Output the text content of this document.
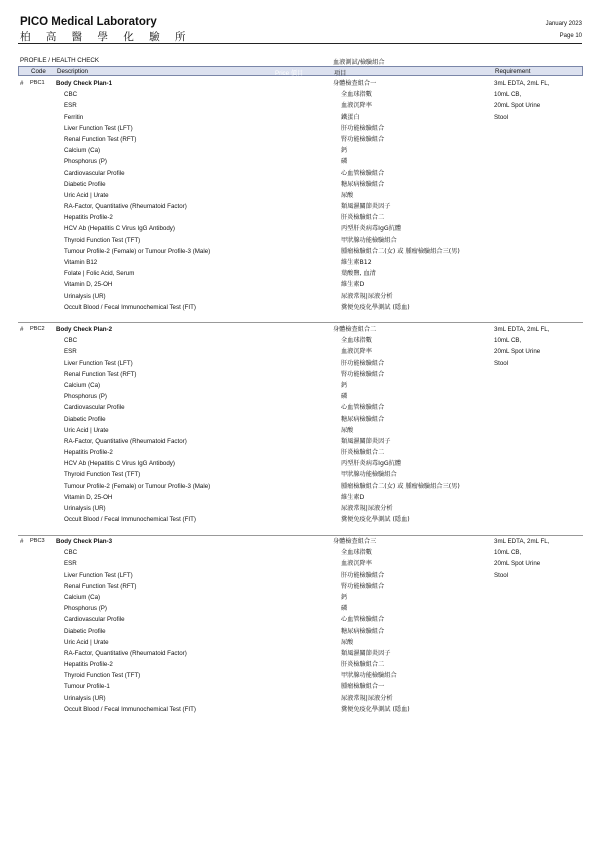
PICO Medical Laboratory
柏 高 醫 學 化 驗 所
January 2023
Page 10
PROFILE / HEALTH CHECK	血液測試/檢驗組合
Code Description	Price 價目	項目	Requirement
# PBC1 Body Check Plan-1	身體檢查組合一	3mL EDTA, 2mL FL,
CBC	全血球指數	10mL CB,
ESR	血液沉降率	20mL Spot Urine
Ferritin	鐵蛋白	Stool
Liver Function Test (LFT)	肝功能檢驗組合
Renal Function Test (RFT)	腎功能檢驗組合
Calcium (Ca)	鈣
Phosphorus (P)	磷
Cardiovascular Profile	心血管檢驗組合
Diabetic Profile	糖尿病檢驗組合
Uric Acid | Urate	尿酸
RA-Factor, Quantitative (Rheumatoid Factor)	類風濕關節炎因子
Hepatitis Profile-2	肝炎檢驗組合二
HCV Ab (Hepatitis C Virus IgG Antibody)	丙型肝炎病毒IgG抗體
Thyroid Function Test (TFT)	甲狀腺功能檢驗組合
Tumour Profile-2 (Female) or Tumour Profile-3 (Male)	腫瘤檢驗組合二(女) 或 腫瘤檢驗組合三(男)
Vitamin B12	維生素B12
Folate | Folic Acid, Serum	葉酸鹽, 血清
Vitamin D, 25-OH	維生素D
Urinalysis (UR)	尿液常規|尿液分析
Occult Blood / Fecal Immunochemical Test (FIT)	糞便免疫化學測試 (隱血)
# PBC2 Body Check Plan-2	身體檢查組合二	3mL EDTA, 2mL FL,
CBC	全血球指數	10mL CB,
ESR	血液沉降率	20mL Spot Urine
Liver Function Test (LFT)	肝功能檢驗組合	Stool
Renal Function Test (RFT)	腎功能檢驗組合
Calcium (Ca)	鈣
Phosphorus (P)	磷
Cardiovascular Profile	心血管檢驗組合
Diabetic Profile	糖尿病檢驗組合
Uric Acid | Urate	尿酸
RA-Factor, Quantitative (Rheumatoid Factor)	類風濕關節炎因子
Hepatitis Profile-2	肝炎檢驗組合二
HCV Ab (Hepatitis C Virus IgG Antibody)	丙型肝炎病毒IgG抗體
Thyroid Function Test (TFT)	甲狀腺功能檢驗組合
Tumour Profile-2 (Female) or Tumour Profile-3 (Male)	腫瘤檢驗組合二(女) 或 腫瘤檢驗組合三(男)
Vitamin D, 25-OH	維生素D
Urinalysis (UR)	尿液常規|尿液分析
Occult Blood / Fecal Immunochemical Test (FIT)	糞便免疫化學測試 (隱血)
# PBC3 Body Check Plan-3	身體檢查組合三	3mL EDTA, 2mL FL,
CBC	全血球指數	10mL CB,
ESR	血液沉降率	20mL Spot Urine
Liver Function Test (LFT)	肝功能檢驗組合	Stool
Renal Function Test (RFT)	腎功能檢驗組合
Calcium (Ca)	鈣
Phosphorus (P)	磷
Cardiovascular Profile	心血管檢驗組合
Diabetic Profile	糖尿病檢驗組合
Uric Acid | Urate	尿酸
RA-Factor, Quantitative (Rheumatoid Factor)	類風濕關節炎因子
Hepatitis Profile-2	肝炎檢驗組合二
Thyroid Function Test (TFT)	甲狀腺功能檢驗組合
Tumour Profile-1	腫瘤檢驗組合一
Urinalysis (UR)	尿液常規|尿液分析
Occult Blood / Fecal Immunochemical Test (FIT)	糞便免疫化學測試 (隱血)
